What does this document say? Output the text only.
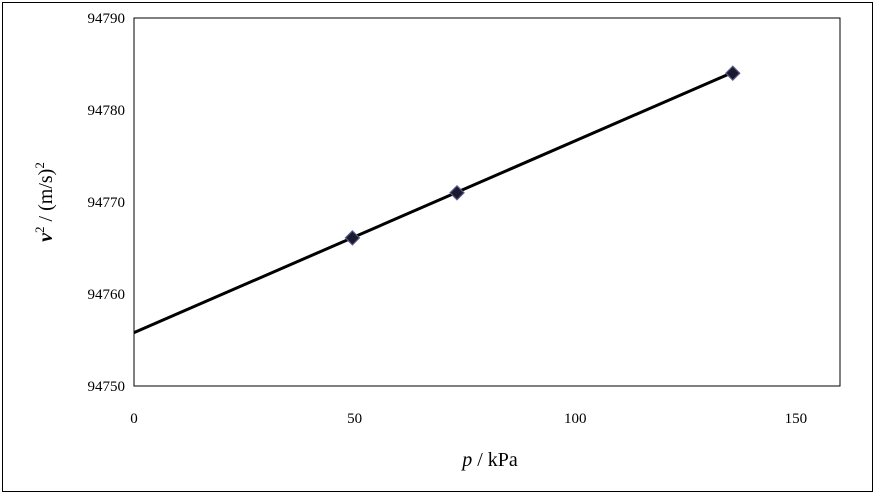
94750
94760
94770
94780
94790
0	50	100	150
p / kPa
$v^2 / (m/s)^2$
